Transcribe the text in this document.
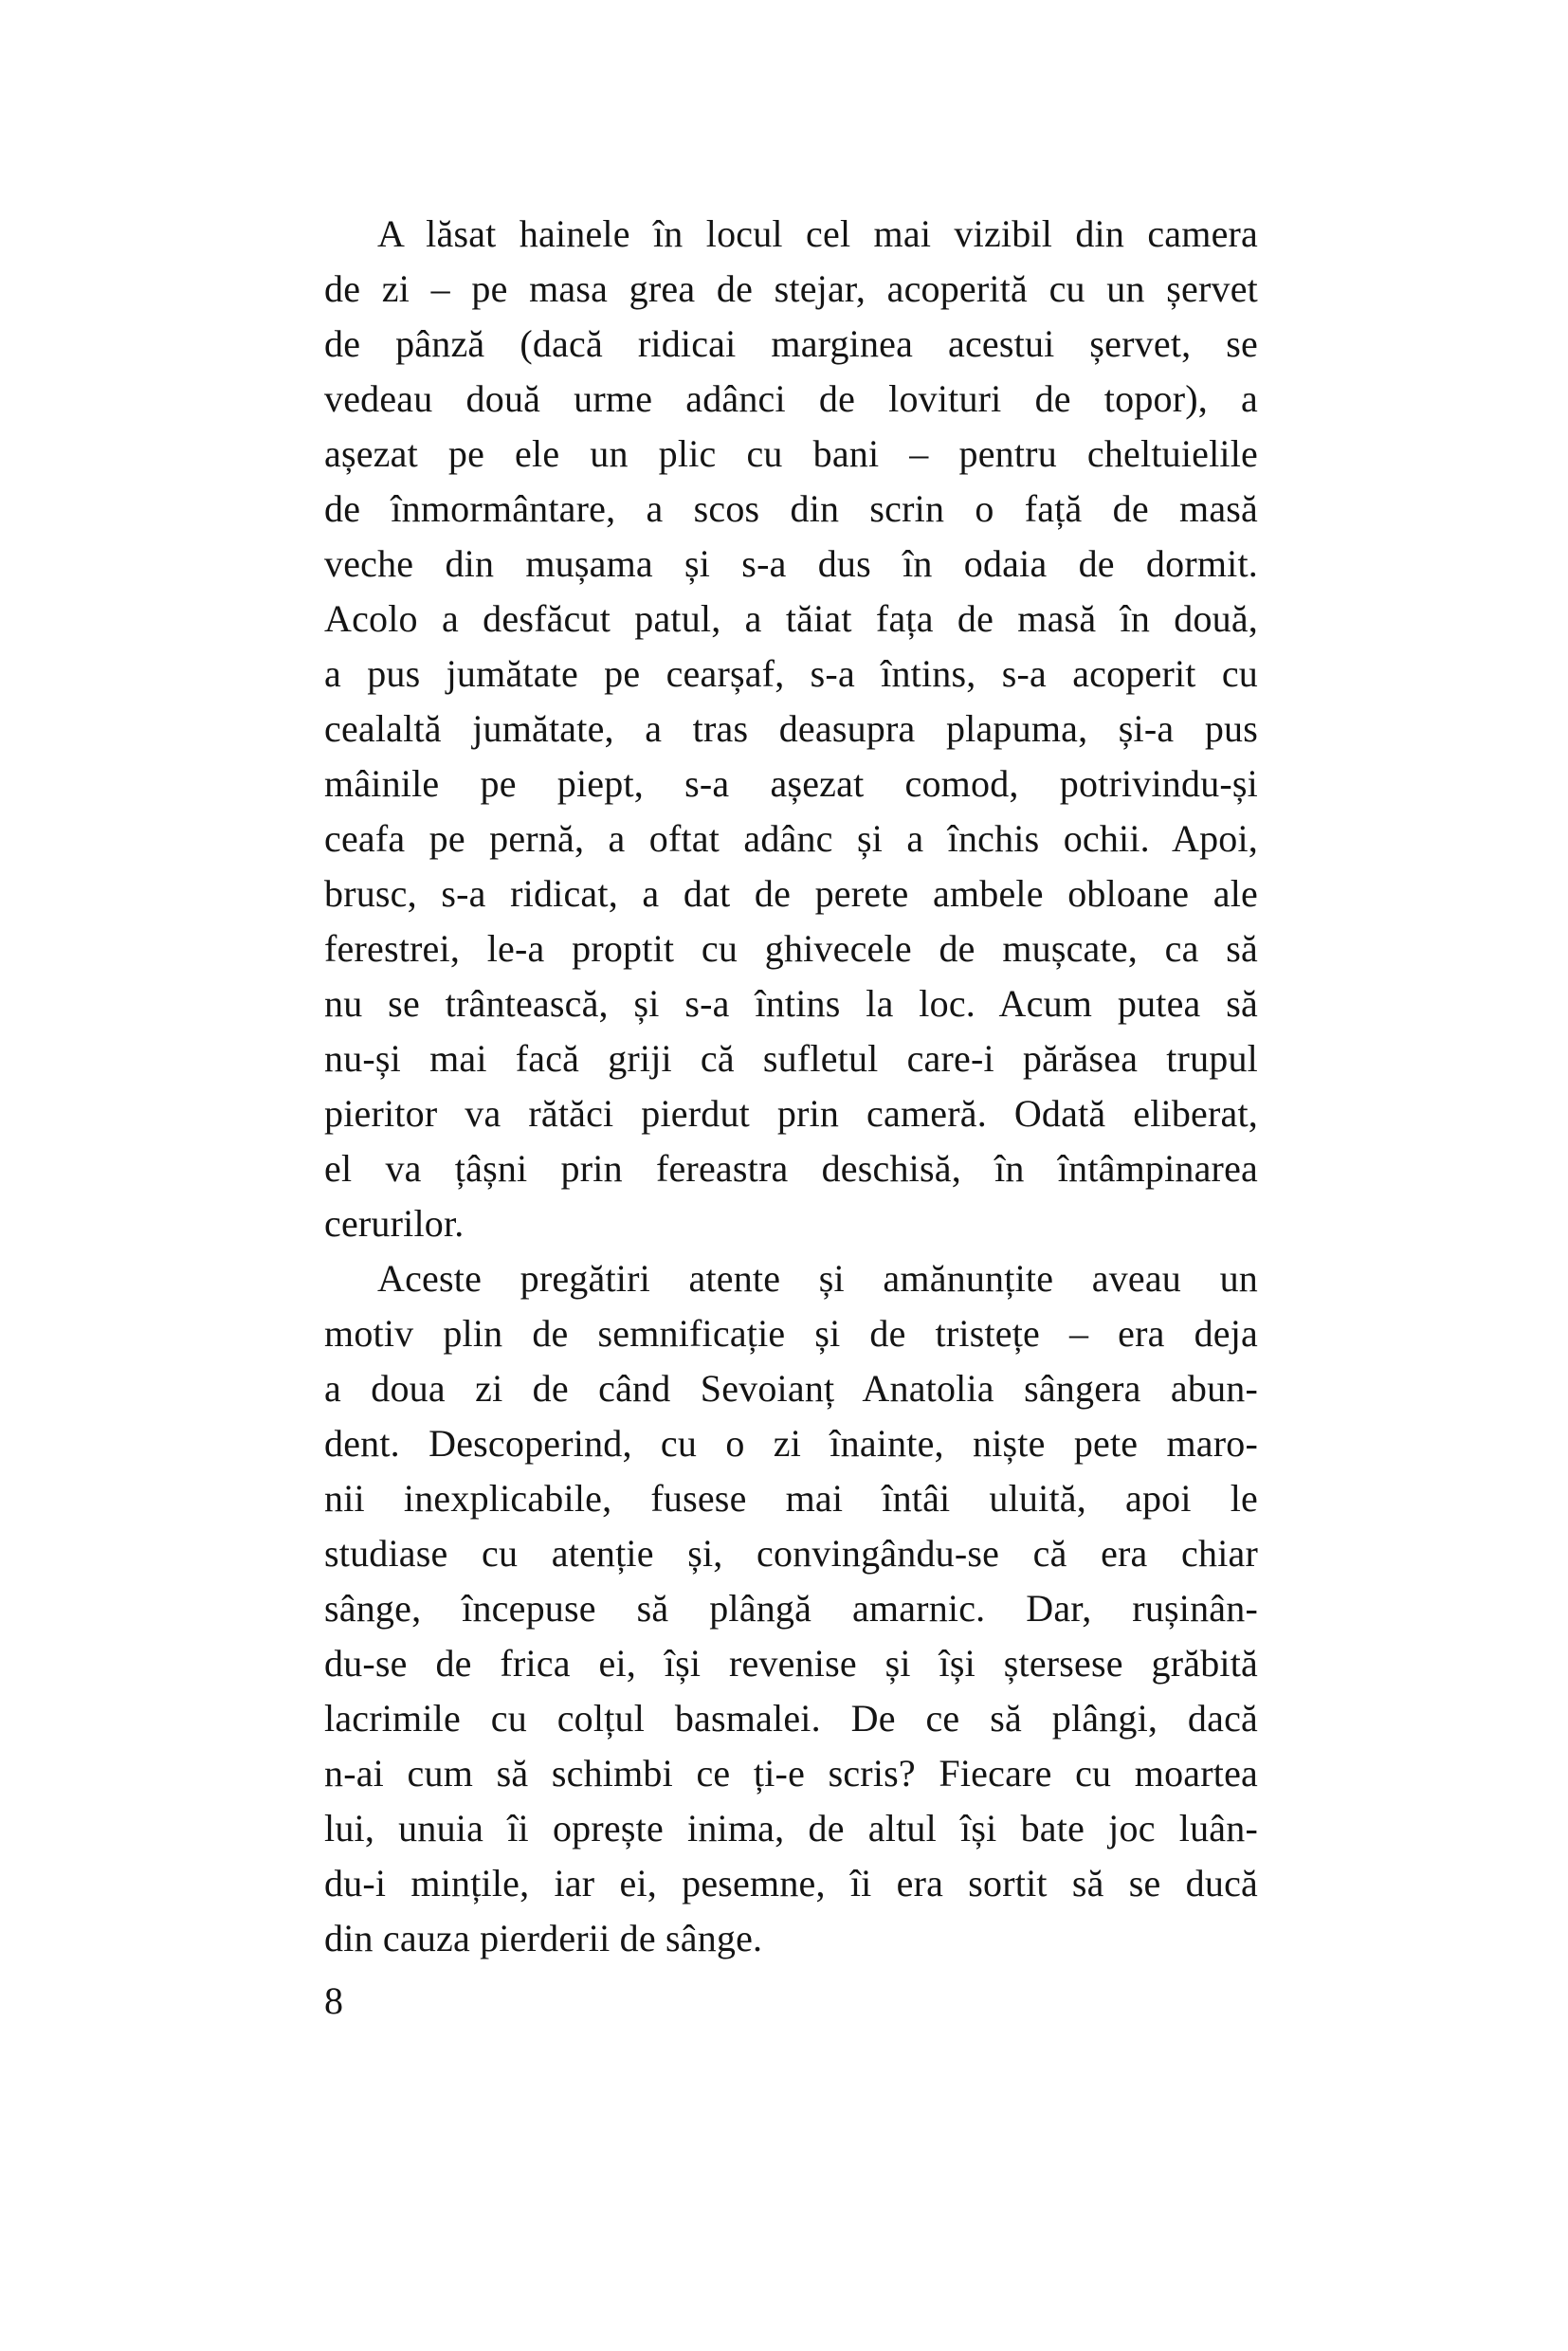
A lăsat hainele în locul cel mai vizibil din camera
de zi – pe masa grea de stejar, acoperită cu un șervet
de pânză (dacă ridicai marginea acestui șervet, se
vedeau două urme adânci de lovituri de topor), a
așezat pe ele un plic cu bani – pentru cheltuielile
de înmormântare, a scos din scrin o față de masă
veche din mușama și s-a dus în odaia de dormit.
Acolo a desfăcut patul, a tăiat fața de masă în două,
a pus jumătate pe cearșaf, s-a întins, s-a acoperit cu
cealaltă jumătate, a tras deasupra plapuma, și-a pus
mâinile pe piept, s-a așezat comod, potrivindu-și
ceafa pe pernă, a oftat adânc și a închis ochii. Apoi,
brusc, s-a ridicat, a dat de perete ambele obloane ale
ferestrei, le-a proptit cu ghivecele de mușcate, ca să
nu se trântească, și s-a întins la loc. Acum putea să
nu-și mai facă griji că sufletul care-i părăsea trupul
pieritor va rătăci pierdut prin cameră. Odată eliberat,
el va țâșni prin fereastra deschisă, în întâmpinarea
cerurilor.
Aceste pregătiri atente și amănunțite aveau un
motiv plin de semnificație și de tristețe – era deja
a doua zi de când Sevoianț Anatolia sângera abun-
dent. Descoperind, cu o zi înainte, niște pete maro-
nii inexplicabile, fusese mai întâi uluită, apoi le
studiase cu atenție și, convingându-se că era chiar
sânge, începuse să plângă amarnic. Dar, rușinân-
du-se de frica ei, își revenise și își ștersese grăbită
lacrimile cu colțul basmalei. De ce să plângi, dacă
n-ai cum să schimbi ce ți-e scris? Fiecare cu moartea
lui, unuia îi oprește inima, de altul își bate joc luân-
du-i mințile, iar ei, pesemne, îi era sortit să se ducă
din cauza pierderii de sânge.
8
